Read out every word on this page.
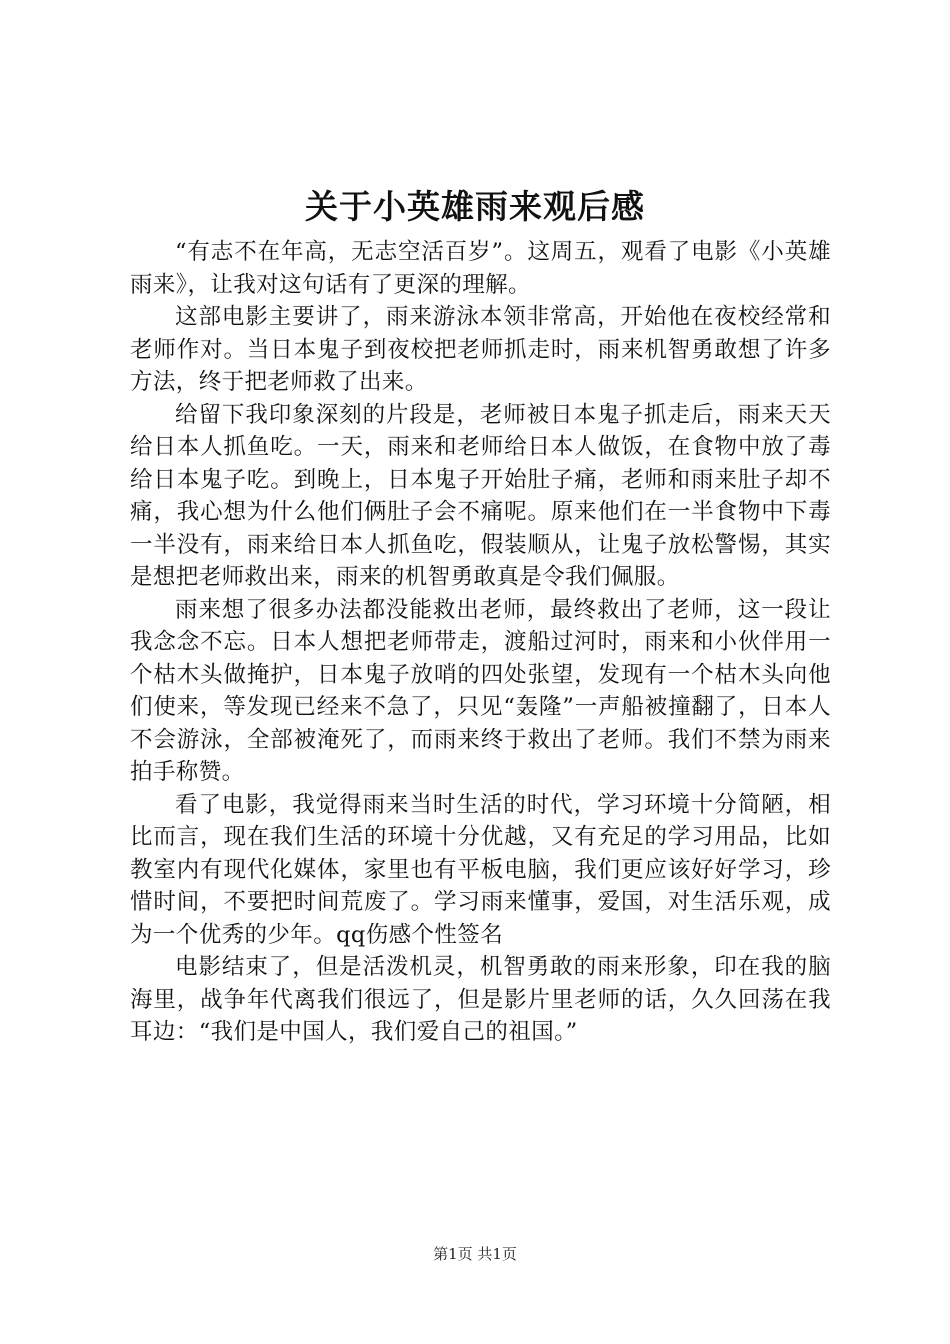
关于小英雄雨来观后感

“有志不在年高，无志空活百岁”。这周五，观看了电影《小英雄雨来》，让我对这句话有了更深的理解。

这部电影主要讲了，雨来游泳本领非常高，开始他在夜校经常和老师作对。当日本鬼子到夜校把老师抓走时，雨来机智勇敢想了许多方法，终于把老师救了出来。

给留下我印象深刻的片段是，老师被日本鬼子抓走后，雨来天天给日本人抓鱼吃。一天，雨来和老师给日本人做饭，在食物中放了毒给日本鬼子吃。到晚上，日本鬼子开始肚子痛，老师和雨来肚子却不痛，我心想为什么他们俩肚子会不痛呢。原来他们在一半食物中下毒一半没有，雨来给日本人抓鱼吃，假装顺从，让鬼子放松警惕，其实是想把老师救出来，雨来的机智勇敢真是令我们佩服。

雨来想了很多办法都没能救出老师，最终救出了老师，这一段让我念念不忘。日本人想把老师带走，渡船过河时，雨来和小伙伴用一个枯木头做掩护，日本鬼子放哨的四处张望，发现有一个枯木头向他们使来，等发现已经来不急了，只见“轰隆”一声船被撞翻了，日本人不会游泳，全部被淹死了，而雨来终于救出了老师。我们不禁为雨来拍手称赞。

看了电影，我觉得雨来当时生活的时代，学习环境十分简陋，相比而言，现在我们生活的环境十分优越，又有充足的学习用品，比如教室内有现代化媒体，家里也有平板电脑，我们更应该好好学习，珍惜时间，不要把时间荒废了。学习雨来懂事，爱国，对生活乐观，成为一个优秀的少年。qq伤感个性签名

电影结束了，但是活泼机灵，机智勇敢的雨来形象，印在我的脑海里，战争年代离我们很远了，但是影片里老师的话，久久回荡在我耳边：“我们是中国人，我们爱自己的祖国。”

第1页 共1页
